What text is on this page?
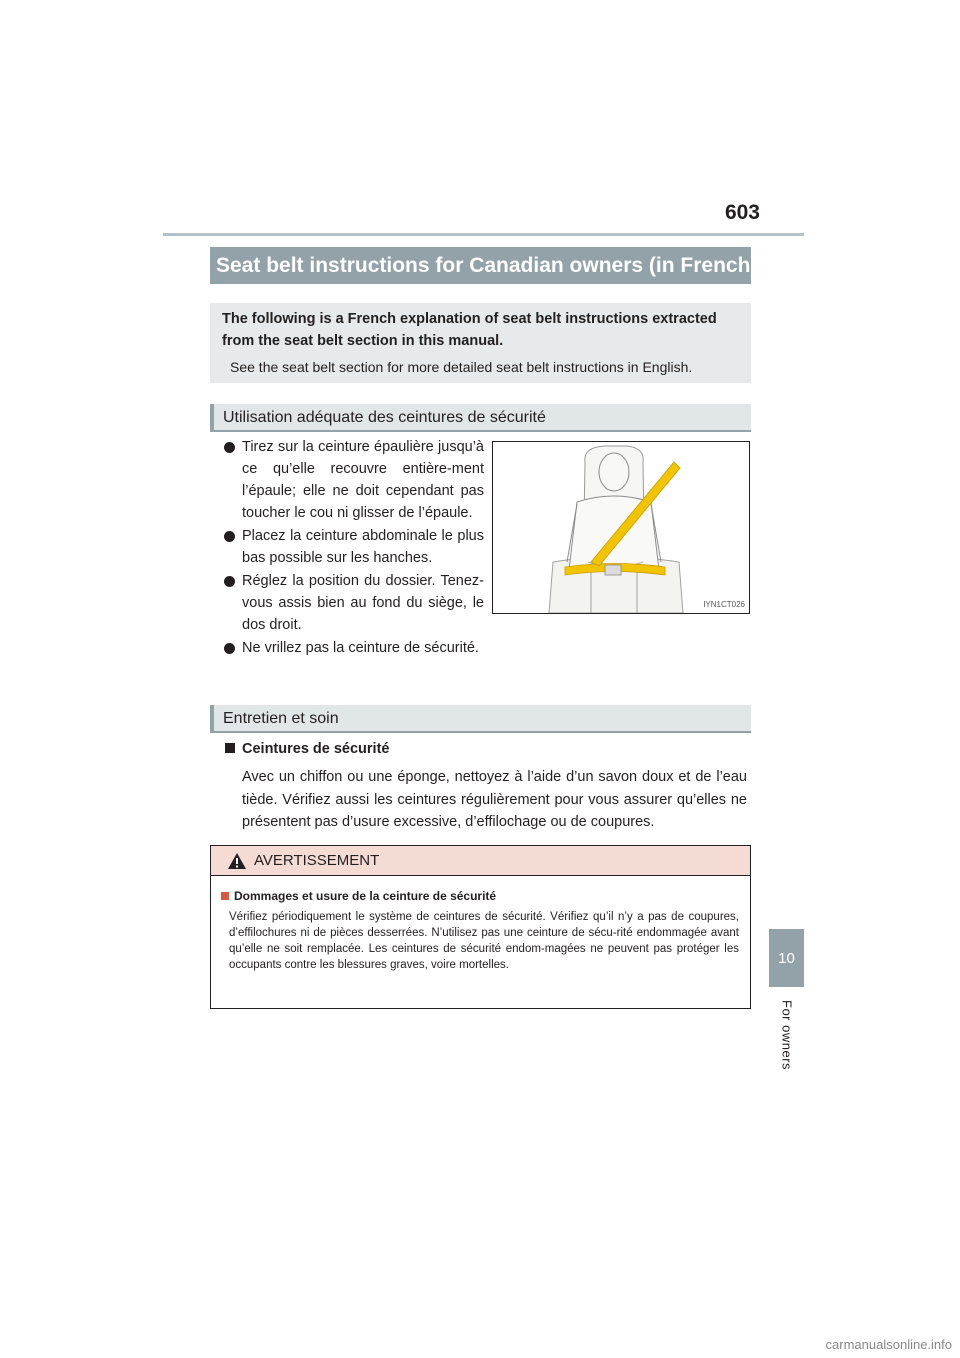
603
10
For owners
Seat belt instructions for Canadian owners (in French)
The following is a French explanation of seat belt instructions extracted from the seat belt section in this manual.
See the seat belt section for more detailed seat belt instructions in English.
Utilisation adéquate des ceintures de sécurité
Tirez sur la ceinture épaulière jusqu’à ce qu’elle recouvre entière-ment l’épaule; elle ne doit cependant pas toucher le cou ni glisser de l’épaule.
Placez la ceinture abdominale le plus bas possible sur les hanches.
Réglez la position du dossier. Tenez-vous assis bien au fond du siège, le dos droit.
Ne vrillez pas la ceinture de sécurité.
IYN1CT026
Entretien et soin
Ceintures de sécurité
Avec un chiffon ou une éponge, nettoyez à l’aide d’un savon doux et de l’eau tiède. Vérifiez aussi les ceintures régulièrement pour vous assurer qu’elles ne présentent pas d’usure excessive, d’effilochage ou de coupures.
AVERTISSEMENT
Dommages et usure de la ceinture de sécurité
Vérifiez périodiquement le système de ceintures de sécurité. Vérifiez qu’il n’y a pas de coupures, d’effilochures ni de pièces desserrées. N’utilisez pas une ceinture de sécu-rité endommagée avant qu’elle ne soit remplacée. Les ceintures de sécurité endom-magées ne peuvent pas protéger les occupants contre les blessures graves, voire mortelles.
carmanualsonline.info
